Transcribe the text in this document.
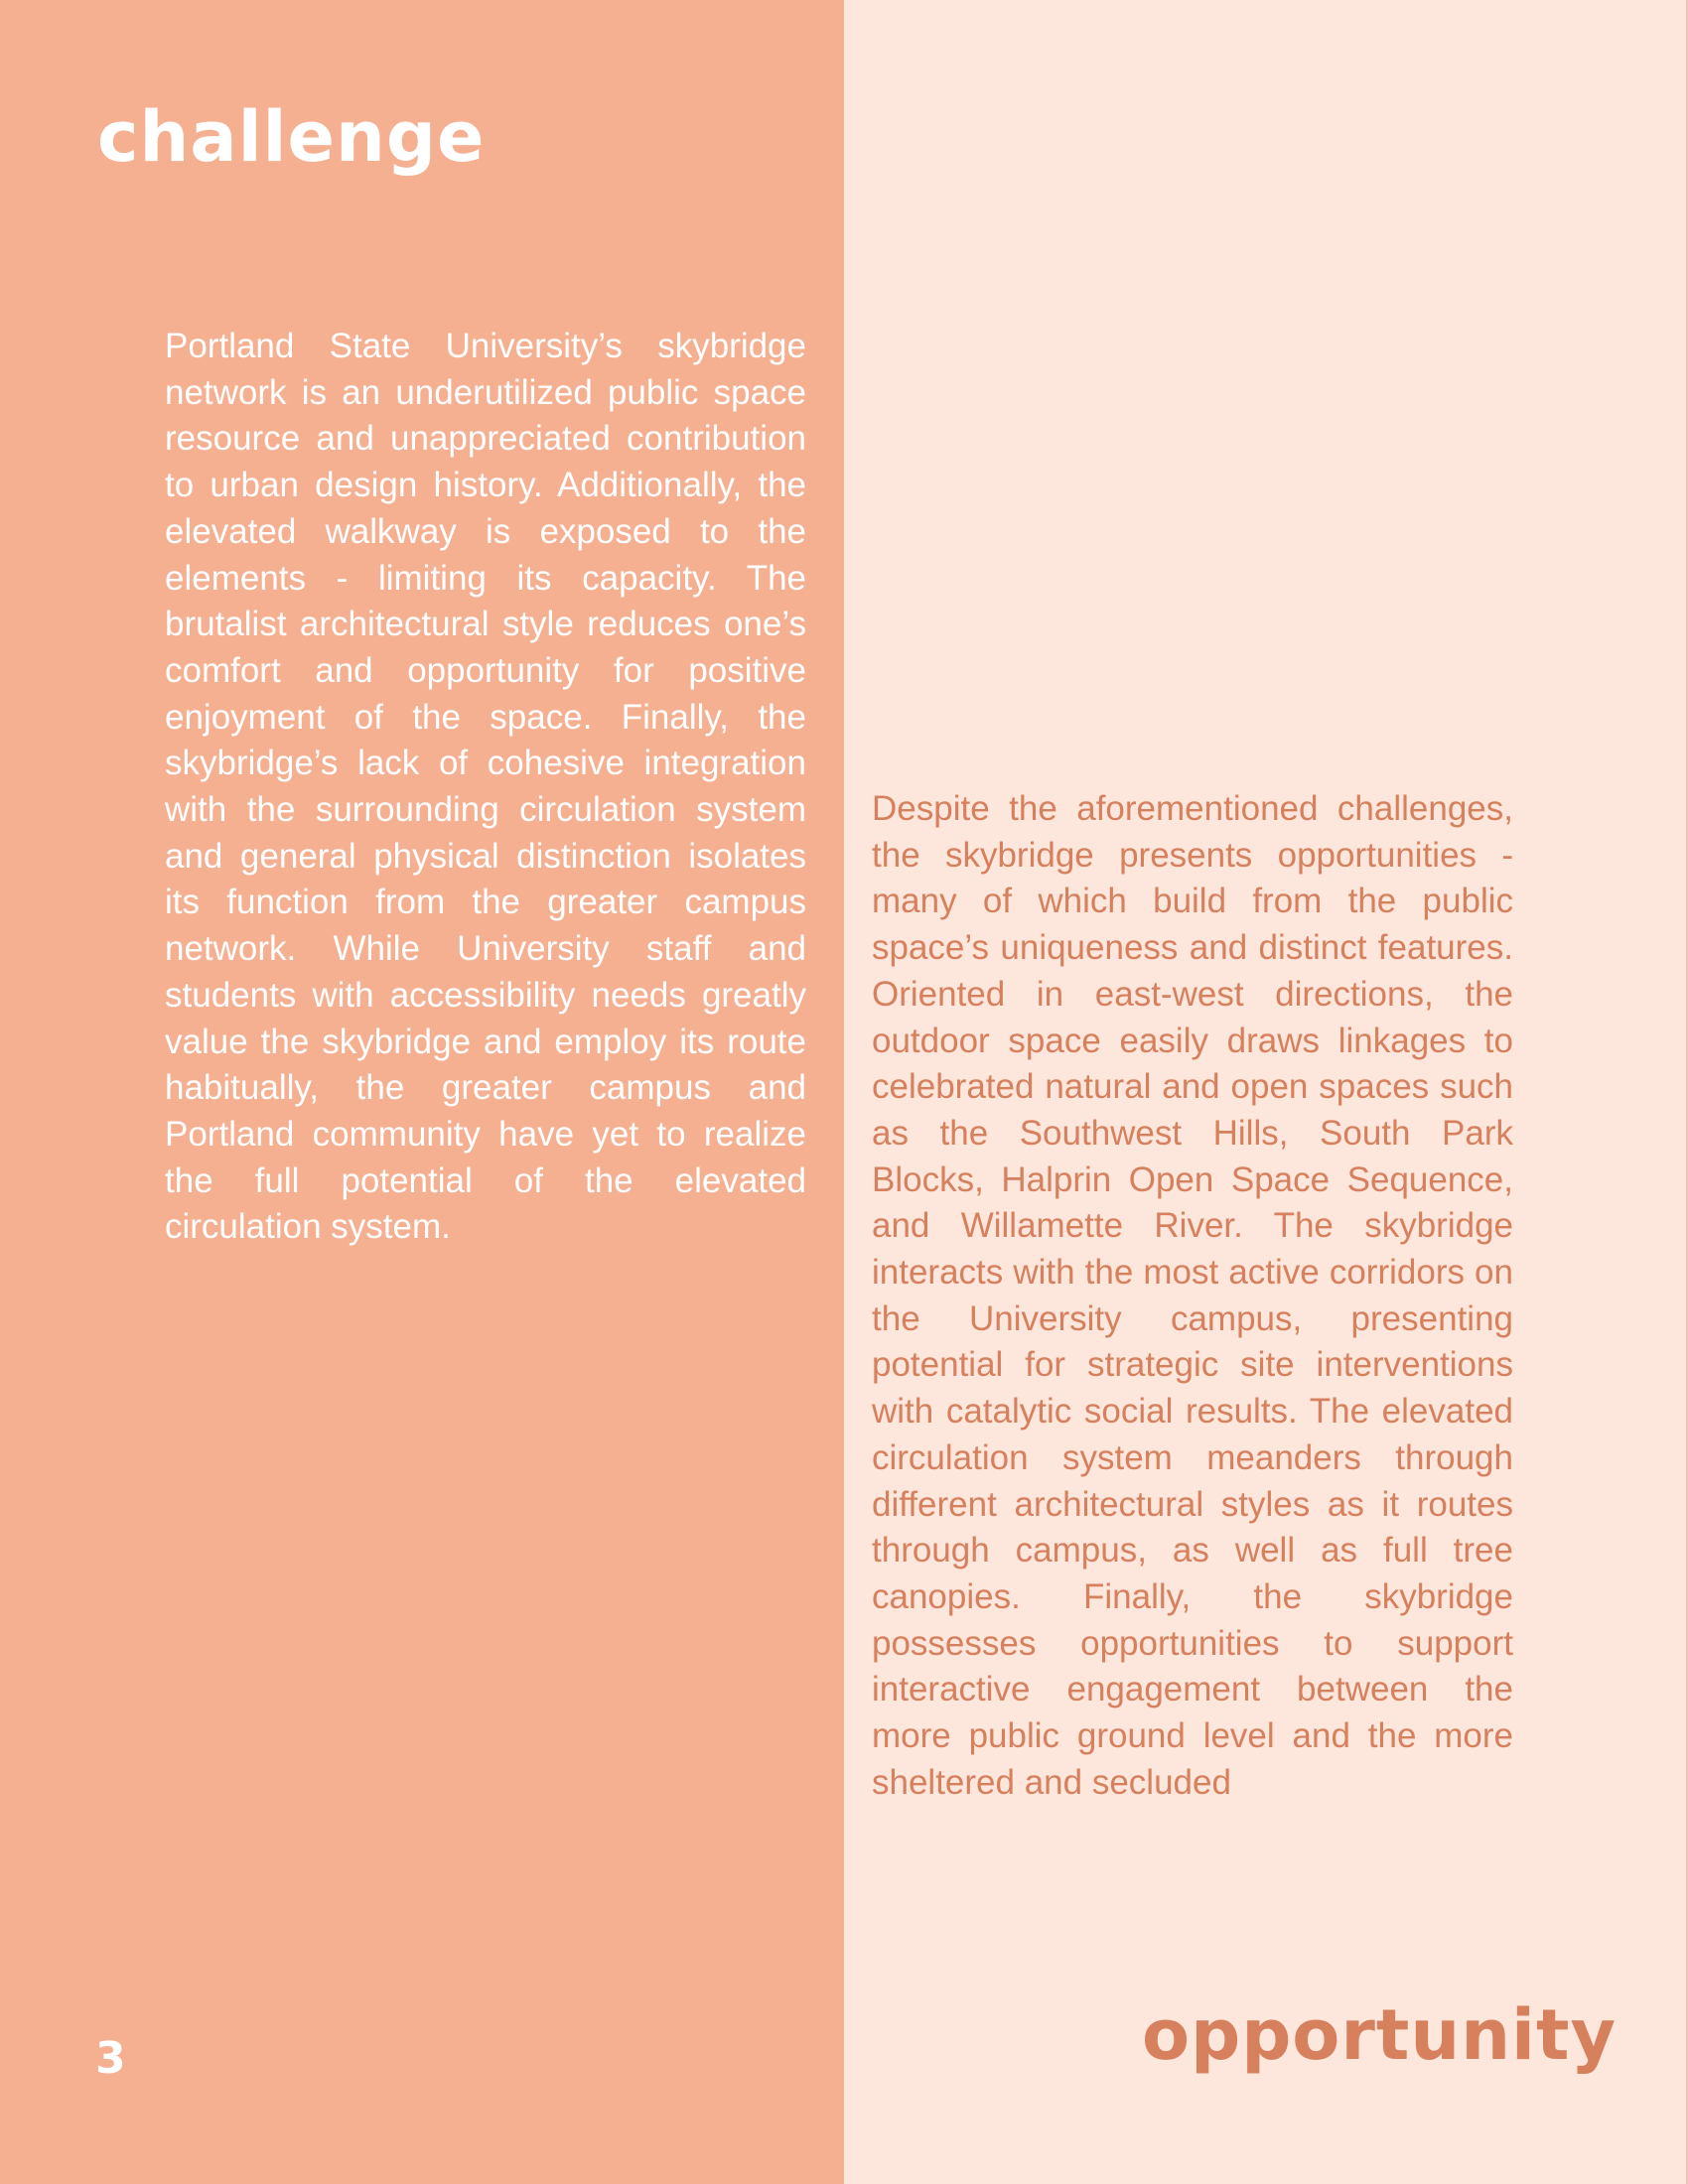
challenge

Portland State University’s skybridge network is an underutilized public space resource and unappreciated contribution to urban design history. Additionally, the elevated walkway is exposed to the elements - limiting its capacity. The brutalist architectural style reduces one’s comfort and opportunity for positive enjoyment of the space. Finally, the skybridge’s lack of cohesive integration with the surrounding circulation system and general physical distinction isolates its function from the greater campus network. While University staff and students with accessibility needs greatly value the skybridge and employ its route habitually, the greater campus and Portland community have yet to realize the full potential of the elevated circulation system.

Despite the aforementioned challenges, the skybridge presents opportunities - many of which build from the public space’s uniqueness and distinct features. Oriented in east-west directions, the outdoor space easily draws linkages to celebrated natural and open spaces such as the Southwest Hills, South Park Blocks, Halprin Open Space Sequence, and Willamette River. The skybridge interacts with the most active corridors on the University campus, presenting potential for strategic site interventions with catalytic social results. The elevated circulation system meanders through different architectural styles as it routes through campus, as well as full tree canopies. Finally, the skybridge possesses opportunities to support interactive engagement between the more public ground level and the more sheltered and secluded

opportunity
3
